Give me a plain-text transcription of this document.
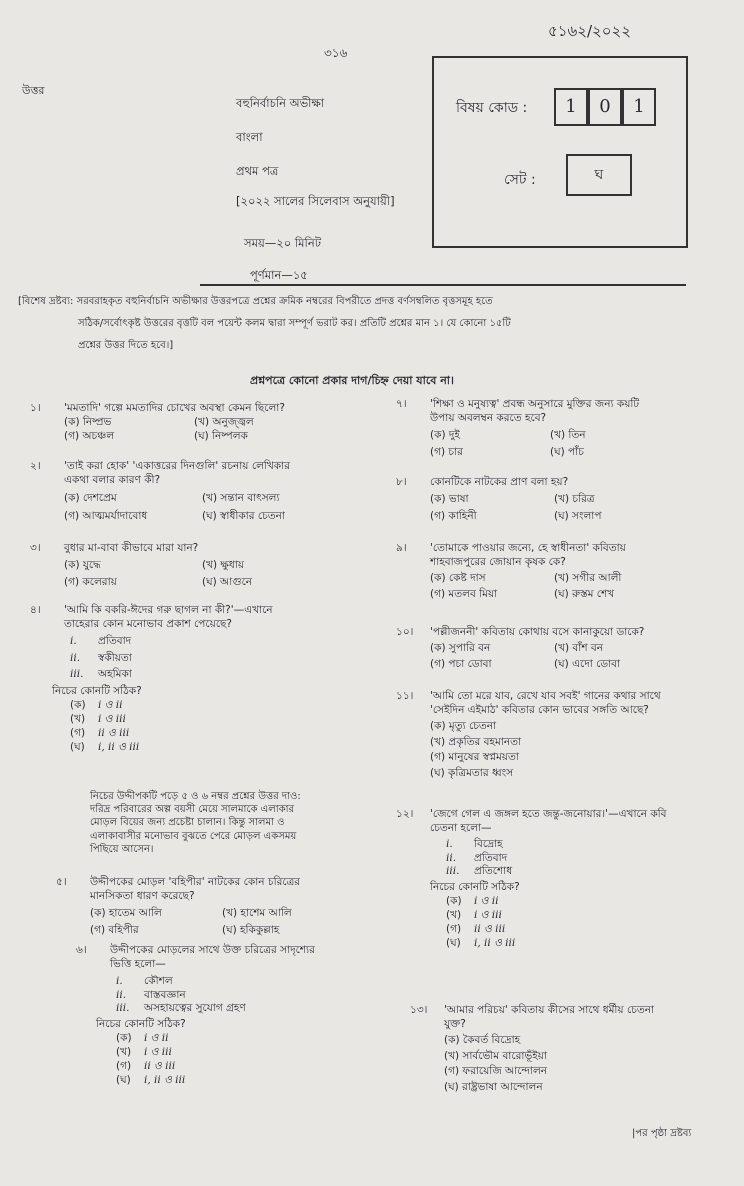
৫১৬২/২০২২
৩১৬
উত্তর
বহুনির্বাচনি অভীক্ষা
বাংলা
প্রথম পত্র
[২০২২ সালের সিলেবাস অনুযায়ী]
সময়—২০ মিনিট
পূর্ণমান—১৫
বিষয় কোড :	1	0	1
সেট :	ঘ
[বিশেষ দ্রষ্টব্য: সরবরাহকৃত বহুনির্বাচনি অভীক্ষার উত্তরপত্রে প্রশ্নের ক্রমিক নম্বরের বিপরীতে প্রদত্ত বর্ণসম্বলিত বৃত্তসমূহ হতে
সঠিক/সর্বোৎকৃষ্ট উত্তরের বৃত্তটি বল পয়েন্ট কলম দ্বারা সম্পূর্ণ ভরাট কর। প্রতিটি প্রশ্নের মান ১। যে কোনো ১৫টি
প্রশ্নের উত্তর দিতে হবে।]
প্রশ্নপত্রে কোনো প্রকার দাগ/চিহ্ন দেয়া যাবে না।
১। 'মমতাদি' গল্পে মমতাদির চোখের অবস্থা কেমন ছিলো?
(ক) নিষ্প্রভ	(খ) অনুজ্জ্বল
(গ) অচঞ্চল	(ঘ) নিষ্পলক
২। 'তাই করা হোক' 'একাত্তরের দিনগুলি' রচনায় লেখিকার
একথা বলার কারণ কী?
(ক) দেশপ্রেম	(খ) সন্তান বাৎসল্য
(গ) আত্মমর্যাদাবোধ	(ঘ) স্বাধীকার চেতনা
৩। বুধার মা-বাবা কীভাবে মারা যান?
(ক) যুদ্ধে	(খ) ক্ষুধায়
(গ) কলেরায়	(ঘ) আগুনে
৪। 'আমি কি বকরি-ঈদের গরু ছাগল না কী?'—এখানে
তাহেরার কোন মনোভাব প্রকাশ পেয়েছে?
i. প্রতিবাদ
ii. স্বকীয়তা
iii. অহমিকা
নিচের কোনটি সঠিক?
(ক) i ও ii
(খ) i ও iii
(গ) ii ও iii
(ঘ) i, ii ও iii
নিচের উদ্দীপকটি পড়ে ৫ ও ৬ নম্বর প্রশ্নের উত্তর দাও:
দরিদ্র পরিবারের অল্প বয়সী মেয়ে সালমাকে এলাকার
মোড়ল বিয়ের জন্য প্রচেষ্টা চালান। কিন্তু সালমা ও
এলাকাবাসীর মনোভাব বুঝতে পেরে মোড়ল একসময়
পিছিয়ে আসেন।
৫। উদ্দীপকের মোড়ল 'বহিপীর' নাটকের কোন চরিত্রের
মানসিকতা ধারণ করেছে?
(ক) হাতেম আলি	(খ) হাশেম আলি
(গ) বহিপীর	(ঘ) হকিকুল্লাহ
৬। উদ্দীপকের মোড়লের সাথে উক্ত চরিত্রের সাদৃশ্যের
ভিত্তি হলো—
i. কৌশল
ii. বাস্তবজ্ঞান
iii. অসহায়ত্বের সুযোগ গ্রহণ
নিচের কোনটি সঠিক?
(ক) i ও ii
(খ) i ও iii
(গ) ii ও iii
(ঘ) i, ii ও iii
৭। 'শিক্ষা ও মনুষ্যত্ব' প্রবন্ধ অনুসারে মুক্তির জন্য কয়টি
উপায় অবলম্বন করতে হবে?
(ক) দুই	(খ) তিন
(গ) চার	(ঘ) পাঁচ
৮। কোনটিকে নাটকের প্রাণ বলা হয়?
(ক) ভাষা	(খ) চরিত্র
(গ) কাহিনী	(ঘ) সংলাপ
৯। 'তোমাকে পাওয়ার জন্যে, হে স্বাধীনতা' কবিতায়
শাহবাজপুরের জোয়ান কৃষক কে?
(ক) কেষ্ট দাস	(খ) সগীর আলী
(গ) মতলব মিয়া	(ঘ) রুস্তম শেখ
১০। 'পল্লীজননী' কবিতায় কোথায় বসে কানাকুয়ো ডাকে?
(ক) সুপারি বন	(খ) বাঁশ বন
(গ) পচা ডোবা	(ঘ) এদো ডোবা
১১। 'আমি তো মরে যাব, রেখে যাব সবই' গানের কথার সাথে
'সেইদিন এইমাঠ' কবিতার কোন ভাবের সঙ্গতি আছে?
(ক) মৃত্যু চেতনা
(খ) প্রকৃতির বহমানতা
(গ) মানুষের স্বপ্নময়তা
(ঘ) কৃত্রিমতার ধ্বংস
১২। 'জেগে গেল এ জঙ্গল হতে জন্তু-জনোয়ার।'—এখানে কবি
চেতনা হলো—
i. বিদ্রোহ
ii. প্রতিবাদ
iii. প্রতিশোধ
নিচের কোনটি সঠিক?
(ক) i ও ii
(খ) i ও iii
(গ) ii ও iii
(ঘ) i, ii ও iii
১৩। 'আমার পরিচয়' কবিতায় কীসের সাথে ধর্মীয় চেতনা
যুক্ত?
(ক) কৈবর্ত বিদ্রোহ
(খ) সার্বভৌম বারোভূঁইয়া
(গ) ফরায়েজি আন্দোলন
(ঘ) রাষ্ট্রভাষা আন্দোলন
|পর পৃষ্ঠা দ্রষ্টব্য
